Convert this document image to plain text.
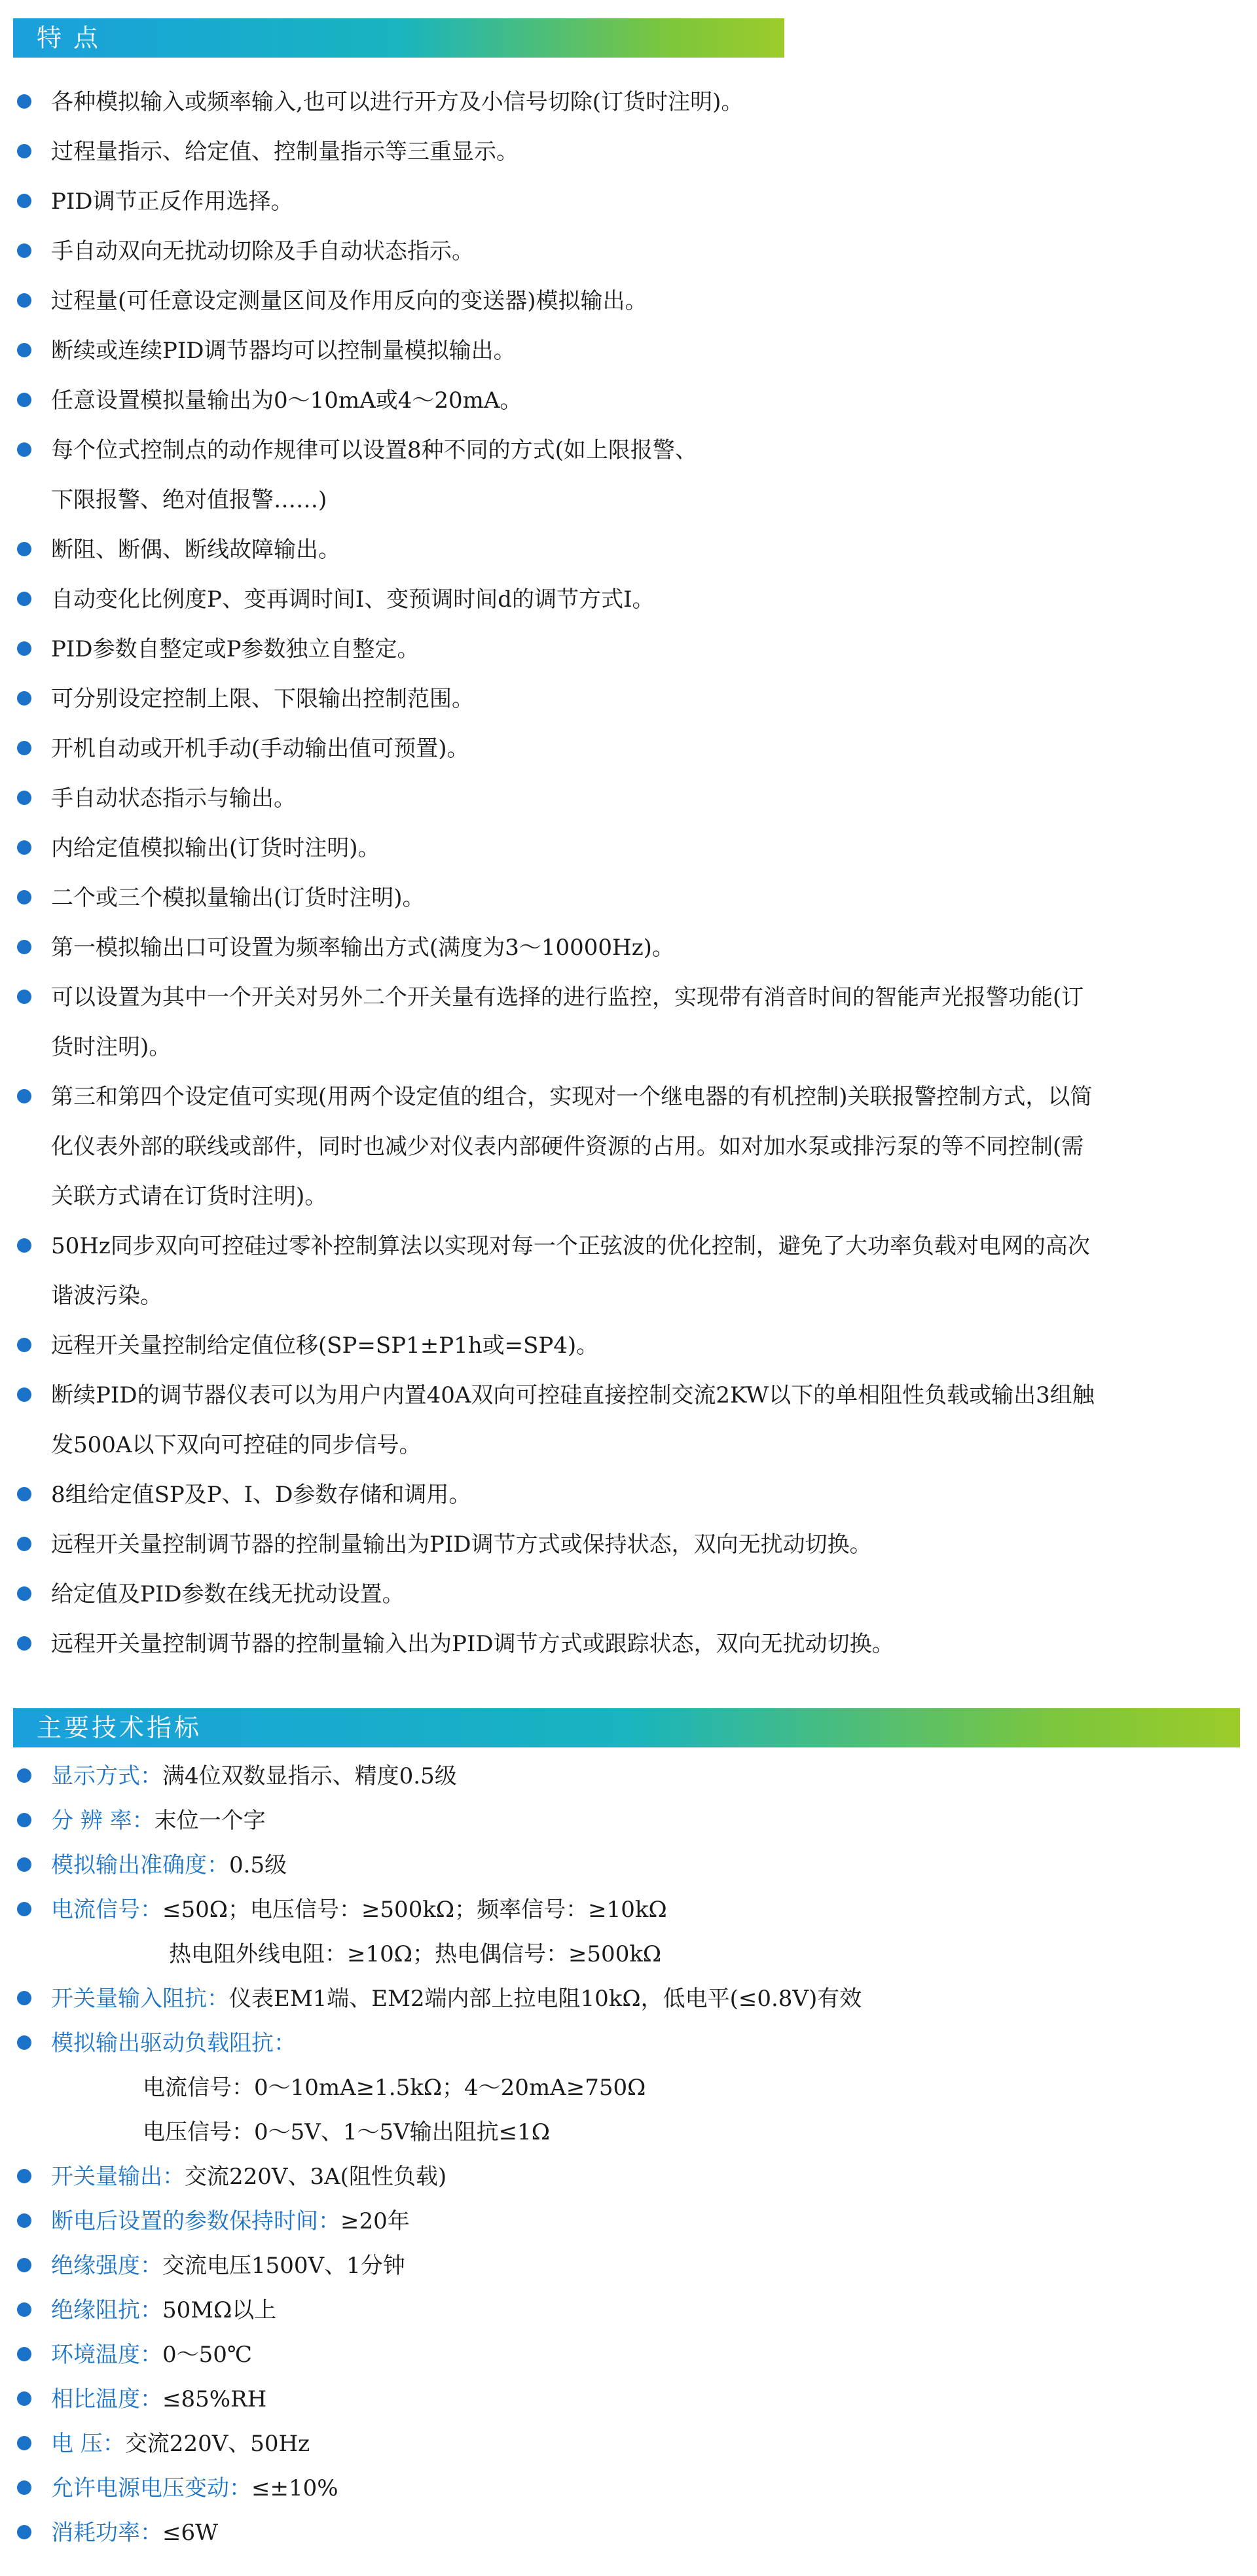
特点
各种模拟输入或频率输入,也可以进行开方及小信号切除(订货时注明)。
过程量指示、给定值、控制量指示等三重显示。
PID调节正反作用选择。
手自动双向无扰动切除及手自动状态指示。
过程量(可任意设定测量区间及作用反向的变送器)模拟输出。
断续或连续PID调节器均可以控制量模拟输出。
任意设置模拟量输出为0～10mA或4～20mA。
每个位式控制点的动作规律可以设置8种不同的方式(如上限报警、
下限报警、绝对值报警……)
断阻、断偶、断线故障输出。
自动变化比例度P、变再调时间I、变预调时间d的调节方式I。
PID参数自整定或P参数独立自整定。
可分别设定控制上限、下限输出控制范围。
开机自动或开机手动(手动输出值可预置)。
手自动状态指示与输出。
内给定值模拟输出(订货时注明)。
二个或三个模拟量输出(订货时注明)。
第一模拟输出口可设置为频率输出方式(满度为3～10000Hz)。
可以设置为其中一个开关对另外二个开关量有选择的进行监控，实现带有消音时间的智能声光报警功能(订
货时注明)。
第三和第四个设定值可实现(用两个设定值的组合，实现对一个继电器的有机控制)关联报警控制方式，以简
化仪表外部的联线或部件，同时也减少对仪表内部硬件资源的占用。如对加水泵或排污泵的等不同控制(需
关联方式请在订货时注明)。
50Hz同步双向可控硅过零补控制算法以实现对每一个正弦波的优化控制，避免了大功率负载对电网的高次
谐波污染。
远程开关量控制给定值位移(SP=SP1±P1h或=SP4)。
断续PID的调节器仪表可以为用户内置40A双向可控硅直接控制交流2KW以下的单相阻性负载或输出3组触
发500A以下双向可控硅的同步信号。
8组给定值SP及P、I、D参数存储和调用。
远程开关量控制调节器的控制量输出为PID调节方式或保持状态，双向无扰动切换。
给定值及PID参数在线无扰动设置。
远程开关量控制调节器的控制量输入出为PID调节方式或跟踪状态，双向无扰动切换。
主要技术指标
显示方式：满4位双数显指示、精度0.5级
分 辨 率：末位一个字
模拟输出准确度：0.5级
电流信号：≤50Ω；电压信号：≥500kΩ；频率信号：≥10kΩ
热电阻外线电阻：≥10Ω；热电偶信号：≥500kΩ
开关量输入阻抗：仪表EM1端、EM2端内部上拉电阻10kΩ，低电平(≤0.8V)有效
模拟输出驱动负载阻抗：
电流信号：0～10mA≥1.5kΩ；4～20mA≥750Ω
电压信号：0～5V、1～5V输出阻抗≤1Ω
开关量输出：交流220V、3A(阻性负载)
断电后设置的参数保持时间：≥20年
绝缘强度：交流电压1500V、1分钟
绝缘阻抗：50MΩ以上
环境温度：0～50℃
相比温度：≤85%RH
电 压：交流220V、50Hz
允许电源电压变动：≤±10%
消耗功率：≤6W
